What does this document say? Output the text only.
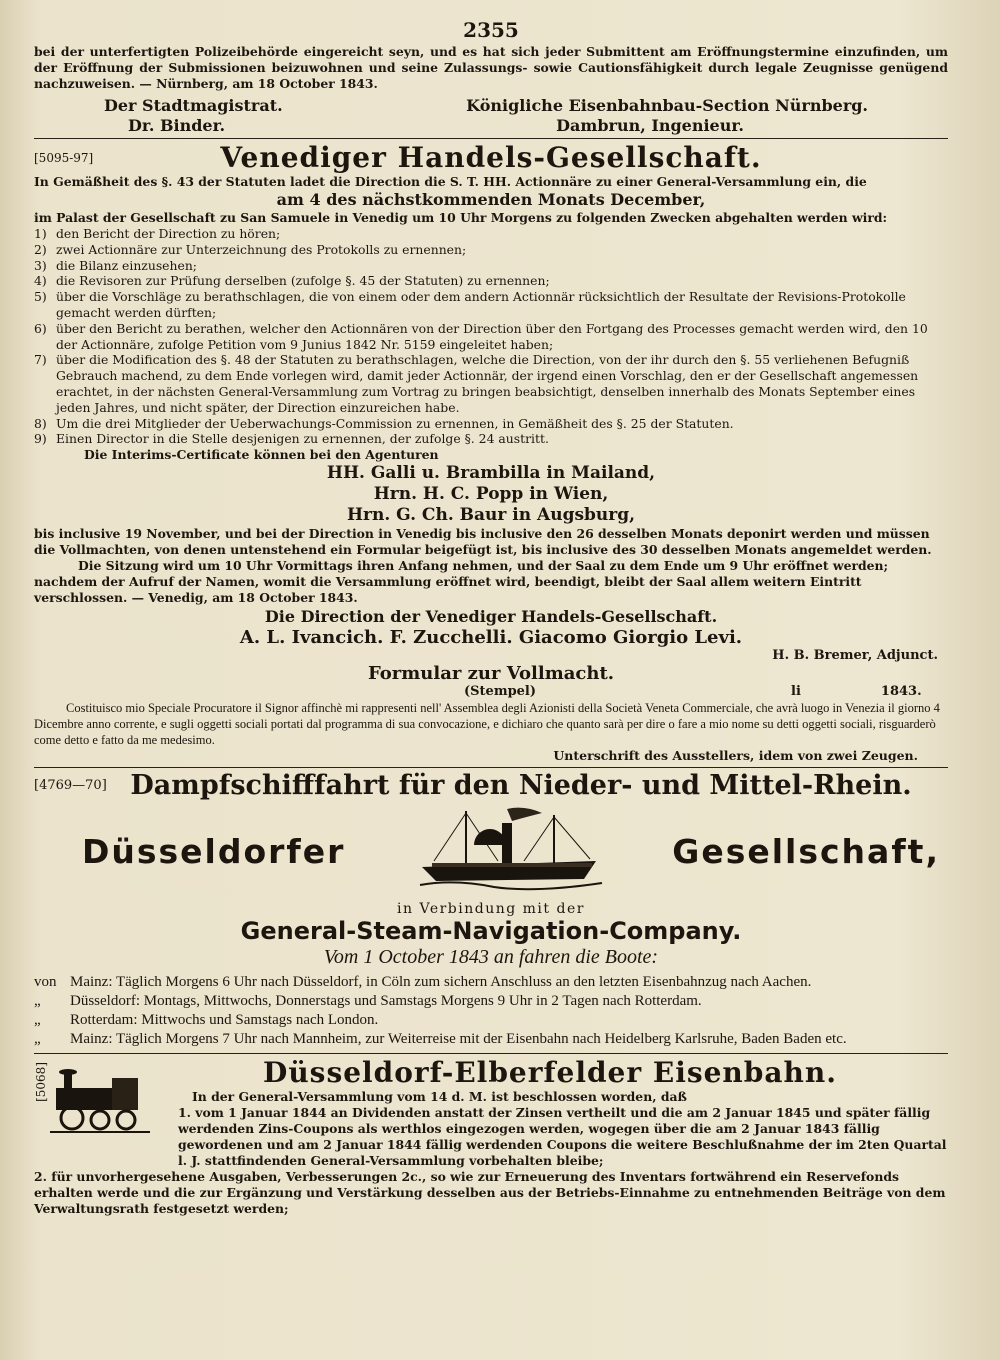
2355

bei der unterfertigten Polizeibehörde eingereicht seyn, und es hat sich jeder Submittent am Eröffnungstermine einzufinden, um der Eröffnung der Submissionen beizuwohnen und seine Zulassungs- sowie Cautionsfähigkeit durch legale Zeugnisse genügend nachzuweisen. — Nürnberg, am 18 October 1843.

Der Stadtmagistrat.
Dr. Binder.
Königliche Eisenbahnbau-Section Nürnberg.
Dambrun, Ingenieur.
[5095-97]	Venediger Handels-Gesellschaft.

In Gemäßheit des §. 43 der Statuten ladet die Direction die S. T. HH. Actionnäre zu einer General-Versammlung ein, die

am 4 des nächstkommenden Monats December,

im Palast der Gesellschaft zu San Samuele in Venedig um 10 Uhr Morgens zu folgenden Zwecken abgehalten werden wird:

1) den Bericht der Direction zu hören;
2) zwei Actionnäre zur Unterzeichnung des Protokolls zu ernennen;
3) die Bilanz einzusehen;
4) die Revisoren zur Prüfung derselben (zufolge §. 45 der Statuten) zu ernennen;
5) über die Vorschläge zu berathschlagen, die von einem oder dem andern Actionnär rücksichtlich der Resultate der Revisions-Protokolle gemacht werden dürften;
6) über den Bericht zu berathen, welcher den Actionnären von der Direction über den Fortgang des Processes gemacht werden wird, den 10 der Actionnäre, zufolge Petition vom 9 Junius 1842 Nr. 5159 eingeleitet haben;
7) über die Modification des §. 48 der Statuten zu berathschlagen, welche die Direction, von der ihr durch den §. 55 verliehenen Befugniß Gebrauch machend, zu dem Ende vorlegen wird, damit jeder Actionnär, der irgend einen Vorschlag, den er der Gesellschaft angemessen erachtet, in der nächsten General-Versammlung zum Vortrag zu bringen beabsichtigt, denselben innerhalb des Monats September eines jeden Jahres, und nicht später, der Direction einzureichen habe.
8) Um die drei Mitglieder der Ueberwachungs-Commission zu ernennen, in Gemäßheit des §. 25 der Statuten.
9) Einen Director in die Stelle desjenigen zu ernennen, der zufolge §. 24 austritt.

Die Interims-Certificate können bei den Agenturen

HH. Galli u. Brambilla in Mailand,
Hrn. H. C. Popp in Wien,
Hrn. G. Ch. Baur in Augsburg,

bis inclusive 19 November, und bei der Direction in Venedig bis inclusive den 26 desselben Monats deponirt werden und müssen die Vollmachten, von denen untenstehend ein Formular beigefügt ist, bis inclusive des 30 desselben Monats angemeldet werden.

Die Sitzung wird um 10 Uhr Vormittags ihren Anfang nehmen, und der Saal zu dem Ende um 9 Uhr eröffnet werden; nachdem der Aufruf der Namen, womit die Versammlung eröffnet wird, beendigt, bleibt der Saal allem weitern Eintritt verschlossen. — Venedig, am 18 October 1843.

Die Direction der Venediger Handels-Gesellschaft.
A. L. Ivancich. F. Zucchelli. Giacomo Giorgio Levi.
H. B. Bremer, Adjunct.
Formular zur Vollmacht.
(Stempel)	li	1843.

Costituisco mio Speciale Procuratore il Signor affinchè mi rappresenti nell' Assemblea degli Azionisti della Società Veneta Commerciale, che avrà luogo in Venezia il giorno 4 Dicembre anno corrente, e sugli oggetti sociali portati dal programma di sua convocazione, e dichiaro che quanto sarà per dire o fare a mio nome su detti oggetti sociali, risguarderò come detto e fatto da me medesimo.

Unterschrift des Ausstellers, idem von zwei Zeugen.
[4769—70] Dampfschifffahrt für den Nieder- und Mittel-Rhein.
Düsseldorfer	Gesellschaft,
in Verbindung mit der
General-Steam-Navigation-Company.
Vom 1 October 1843 an fahren die Boote:
von Mainz: Täglich Morgens 6 Uhr nach Düsseldorf, in Cöln zum sichern Anschluss an den letzten Eisenbahnzug nach Aachen.
„	Düsseldorf: Montags, Mittwochs, Donnerstags und Samstags Morgens 9 Uhr in 2 Tagen nach Rotterdam.
„	Rotterdam: Mittwochs und Samstags nach London.
„	Mainz: Täglich Morgens 7 Uhr nach Mannheim, zur Weiterreise mit der Eisenbahn nach Heidelberg Karlsruhe, Baden Baden etc.
[5068]	Düsseldorf-Elberfelder Eisenbahn.

In der General-Versammlung vom 14 d. M. ist beschlossen worden, daß

1. vom 1 Januar 1844 an Dividenden anstatt der Zinsen vertheilt und die am 2 Januar 1845 und später fällig werdenden Zins-Coupons als werthlos eingezogen werden, wogegen über die am 2 Januar 1843 fällig gewordenen und am 2 Januar 1844 fällig werdenden Coupons die weitere Beschlußnahme der im 2ten Quartal l. J. stattfindenden General-Versammlung vorbehalten bleibe;

2. für unvorhergesehene Ausgaben, Verbesserungen 2c., so wie zur Erneuerung des Inventars fortwährend ein Reservefonds erhalten werde und die zur Ergänzung und Verstärkung desselben aus der Betriebs-Einnahme zu entnehmenden Beiträge von dem Verwaltungsrath festgesetzt werden;
